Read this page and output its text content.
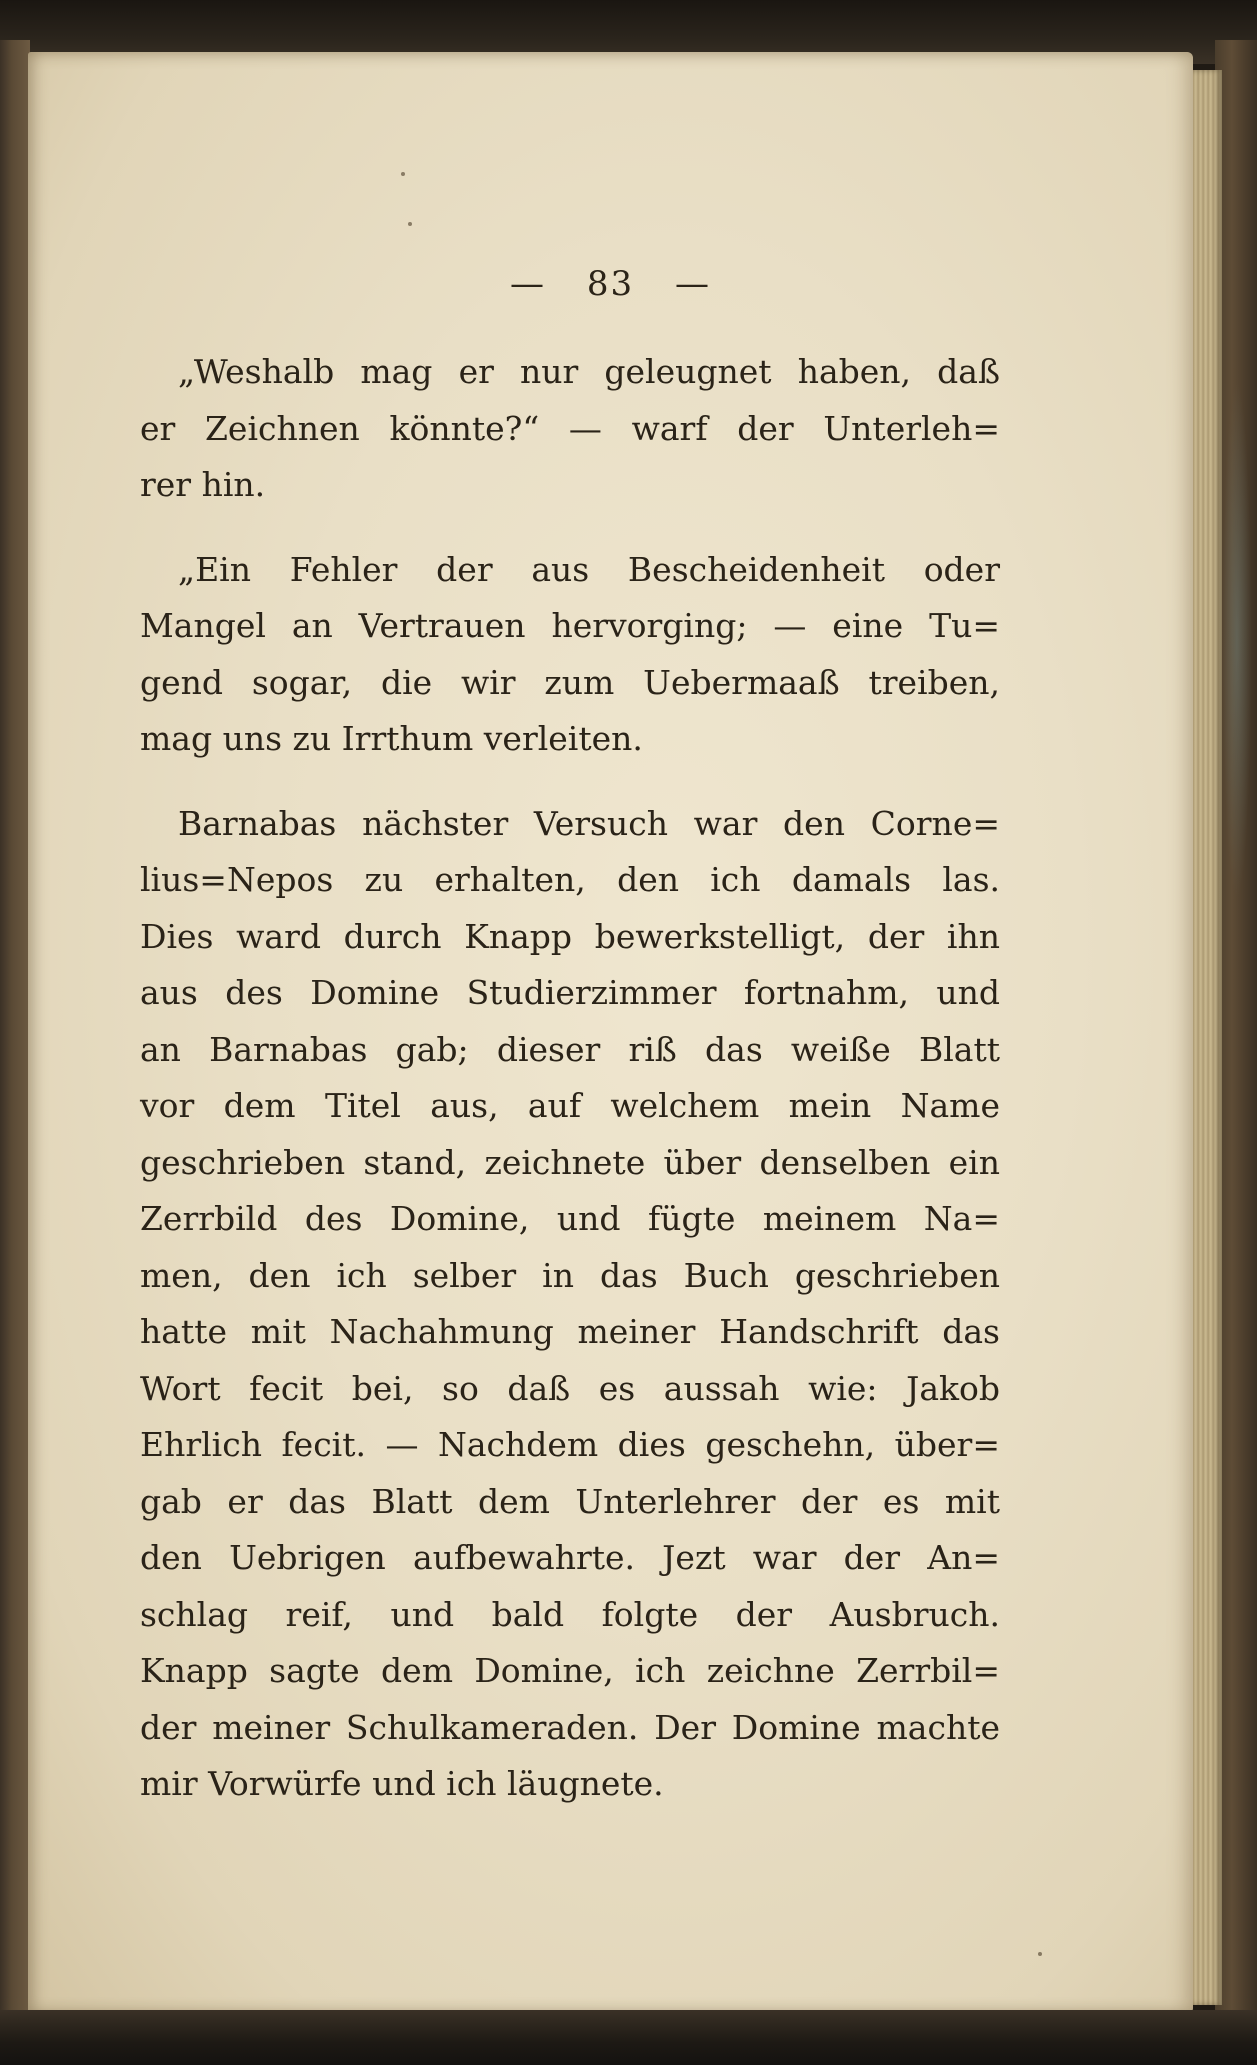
— 83 —
„Weshalb mag er nur geleugnet haben, daß
er Zeichnen könnte?“ — warf der Unterleh=
rer hin.
„Ein Fehler der aus Bescheidenheit oder
Mangel an Vertrauen hervorging; — eine Tu=
gend sogar, die wir zum Uebermaaß treiben,
mag uns zu Irrthum verleiten.
Barnabas nächster Versuch war den Corne=
lius=Nepos zu erhalten, den ich damals las.
Dies ward durch Knapp bewerkstelligt, der ihn
aus des Domine Studierzimmer fortnahm, und
an Barnabas gab; dieser riß das weiße Blatt
vor dem Titel aus, auf welchem mein Name
geschrieben stand, zeichnete über denselben ein
Zerrbild des Domine, und fügte meinem Na=
men, den ich selber in das Buch geschrieben
hatte mit Nachahmung meiner Handschrift das
Wort fecit bei, so daß es aussah wie: Jakob
Ehrlich fecit. — Nachdem dies geschehn, über=
gab er das Blatt dem Unterlehrer der es mit
den Uebrigen aufbewahrte. Jezt war der An=
schlag reif, und bald folgte der Ausbruch.
Knapp sagte dem Domine, ich zeichne Zerrbil=
der meiner Schulkameraden. Der Domine machte
mir Vorwürfe und ich läugnete.
